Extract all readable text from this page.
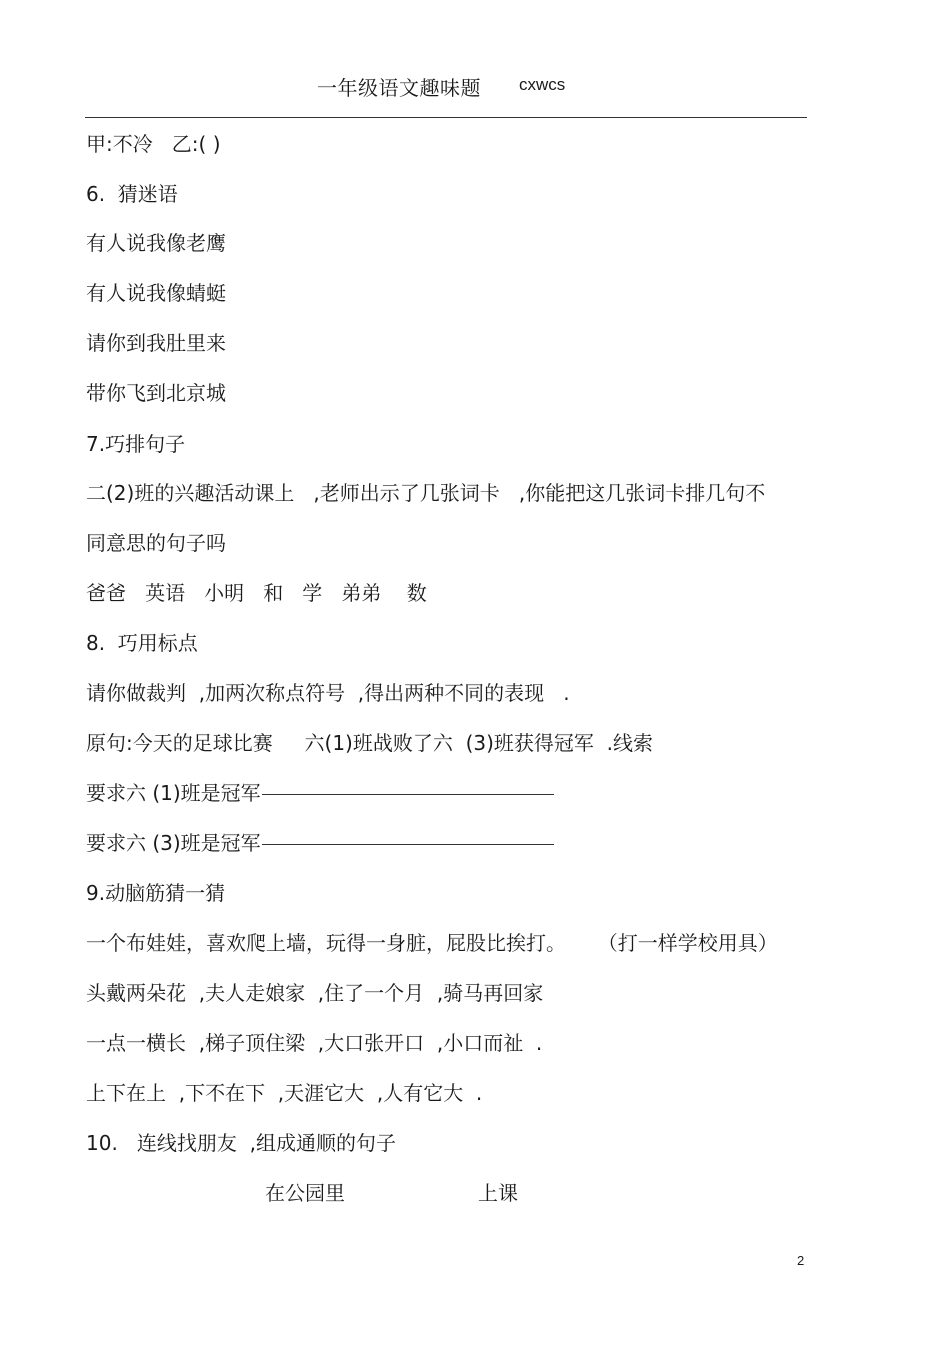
一年级语文趣味题 cxwcs
甲:不冷   乙:( )
6.  猜迷语
有人说我像老鹰
有人说我像蜻蜓
请你到我肚里来
带你飞到北京城
7.巧排句子
二(2)班的兴趣活动课上   ,老师出示了几张词卡   ,你能把这几张词卡排几句不
同意思的句子吗
爸爸   英语   小明   和   学   弟弟    数
8.  巧用标点
请你做裁判  ,加两次称点符号  ,得出两种不同的表现   .
原句:今天的足球比赛     六(1)班战败了六  (3)班获得冠军  .线索
要求六 (1)班是冠军
要求六 (3)班是冠军
9.动脑筋猜一猜
一个布娃娃，喜欢爬上墙，玩得一身脏，屁股比挨打。     （打一样学校用具）
头戴两朵花  ,夫人走娘家  ,住了一个月  ,骑马再回家
一点一横长  ,梯子顶住梁  ,大口张开口  ,小口而祉  .
上下在上  ,下不在下  ,天涯它大  ,人有它大  .
10.   连线找朋友  ,组成通顺的句子
在公园里	上课
2
